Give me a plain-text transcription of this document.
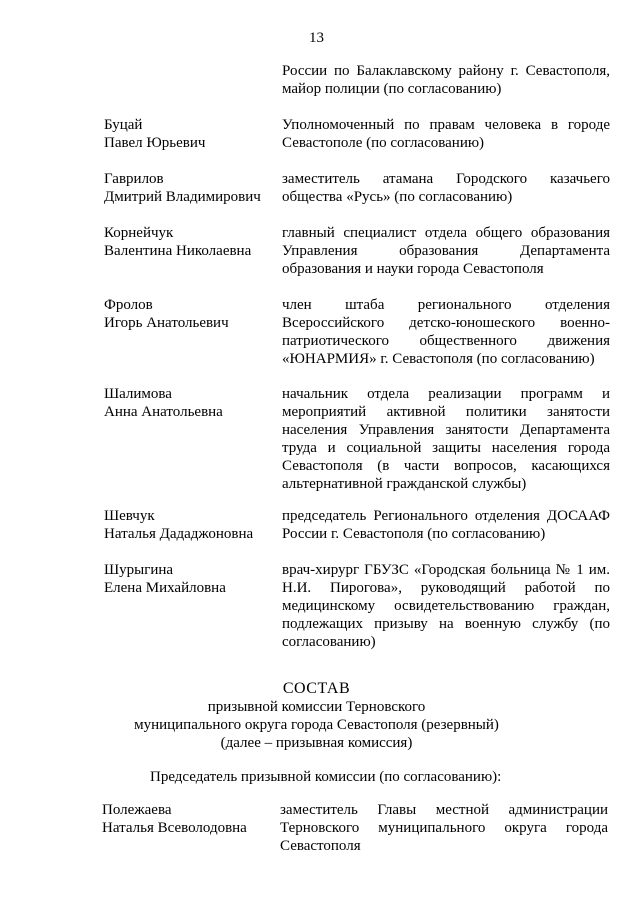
13
России по Балаклавскому району г. Севастополя, майор полиции (по согласованию)
Буцай
Павел Юрьевич
Уполномоченный по правам человека в городе Севастополе (по согласованию)
Гаврилов
Дмитрий Владимирович
заместитель атамана Городского казачьего общества «Русь» (по согласованию)
Корнейчук
Валентина Николаевна
главный специалист отдела общего образования Управления образования Департамента образования и науки города Севастополя
Фролов
Игорь Анатольевич
член штаба регионального отделения Всероссийского детско-юношеского военно-патриотического общественного движения «ЮНАРМИЯ» г. Севастополя (по согласованию)
Шалимова
Анна Анатольевна
начальник отдела реализации программ и мероприятий активной политики занятости населения Управления занятости Департамента труда и социальной защиты населения города Севастополя (в части вопросов, касающихся альтернативной гражданской службы)
Шевчук
Наталья Дададжоновна
председатель Регионального отделения ДОСААФ России г. Севастополя (по согласованию)
Шурыгина
Елена Михайловна
врач-хирург ГБУЗС «Городская больница № 1 им. Н.И. Пирогова», руководящий работой по медицинскому освидетельствованию граждан, подлежащих призыву на военную службу (по согласованию)
СОСТАВ
призывной комиссии Терновского
муниципального округа города Севастополя (резервный)
(далее – призывная комиссия)
Председатель призывной комиссии (по согласованию):
Полежаева
Наталья Всеволодовна
заместитель Главы местной администрации Терновского муниципального округа города Севастополя
